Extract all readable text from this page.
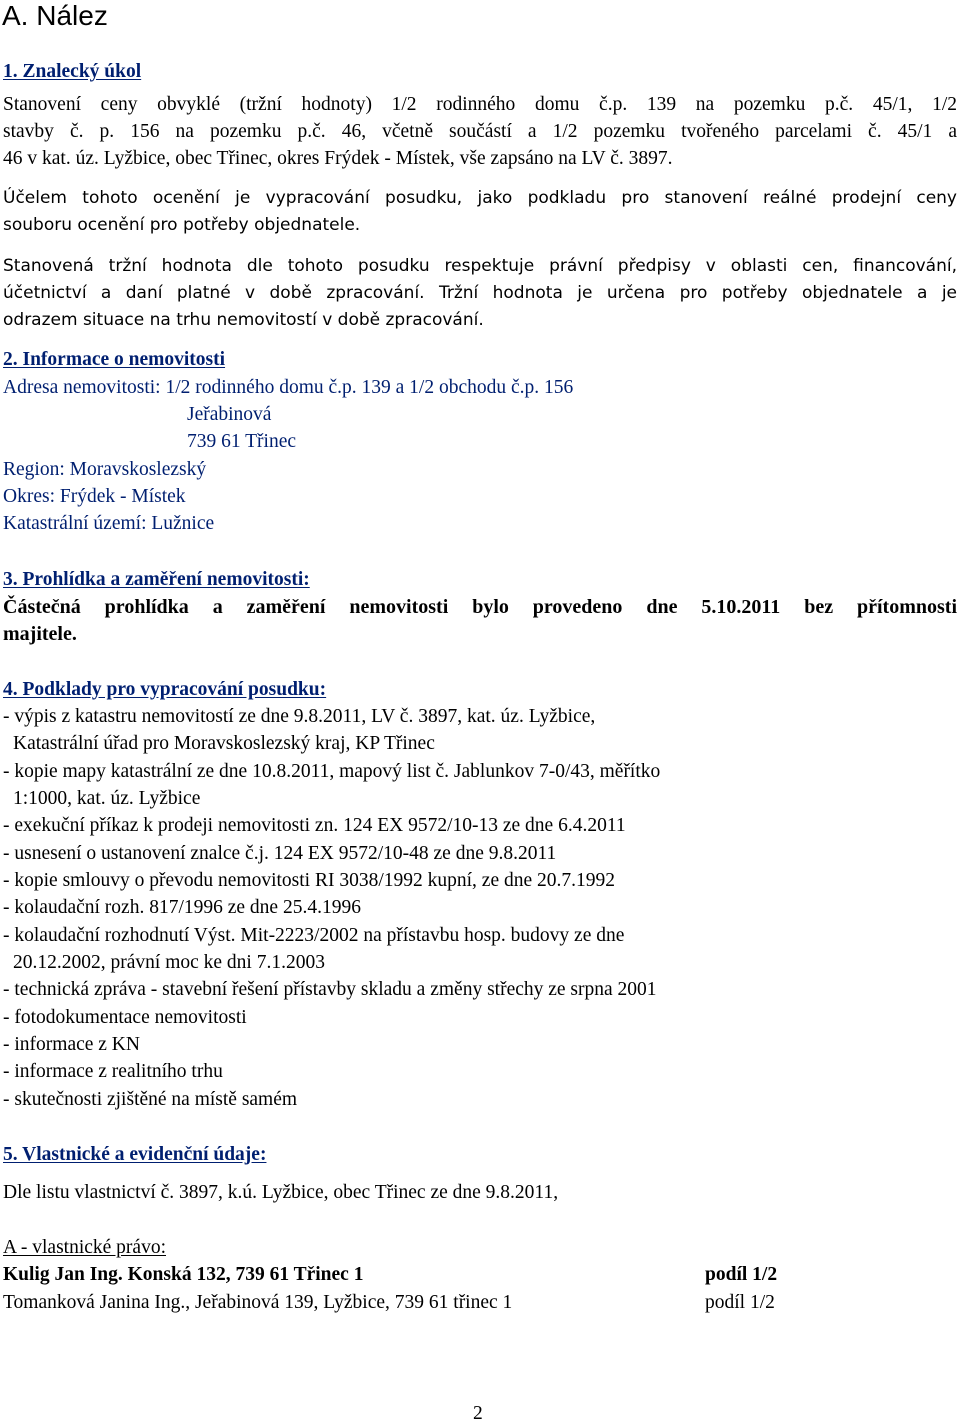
A. Nález
1. Znalecký úkol
Stanovení ceny obvyklé (tržní hodnoty) 1/2 rodinného domu č.p. 139 na pozemku p.č. 45/1, 1/2
stavby č. p. 156 na pozemku p.č. 46, včetně součástí a 1/2 pozemku tvořeného parcelami č. 45/1 a
46 v kat. úz. Lyžbice, obec Třinec, okres Frýdek - Místek, vše zapsáno na LV č. 3897.
Účelem tohoto ocenění je vypracování posudku, jako podkladu pro stanovení reálné prodejní ceny
souboru ocenění pro potřeby objednatele.
Stanovená tržní hodnota dle tohoto posudku respektuje právní předpisy v oblasti cen, financování,
účetnictví a daní platné v době zpracování. Tržní hodnota je určena pro potřeby objednatele a je
odrazem situace na trhu nemovitostí v době zpracování.
2. Informace o nemovitosti
Adresa nemovitosti: 1/2 rodinného domu č.p. 139 a 1/2 obchodu č.p. 156
Jeřabinová
739 61 Třinec
Region: Moravskoslezský
Okres: Frýdek - Místek
Katastrální území: Lužnice
3. Prohlídka a zaměření nemovitosti:
Částečná prohlídka a zaměření nemovitosti bylo provedeno dne 5.10.2011 bez přítomnosti
majitele.
4. Podklady pro vypracování posudku:
- výpis z katastru nemovitostí ze dne 9.8.2011, LV č. 3897, kat. úz. Lyžbice,
Katastrální úřad pro Moravskoslezský kraj, KP Třinec
- kopie mapy katastrální ze dne 10.8.2011, mapový list č. Jablunkov 7-0/43, měřítko
1:1000, kat. úz. Lyžbice
- exekuční příkaz k prodeji nemovitosti zn. 124 EX 9572/10-13 ze dne 6.4.2011
- usnesení o ustanovení znalce č.j. 124 EX 9572/10-48 ze dne 9.8.2011
- kopie smlouvy o převodu nemovitosti RI 3038/1992 kupní, ze dne 20.7.1992
- kolaudační rozh. 817/1996 ze dne 25.4.1996
- kolaudační rozhodnutí Výst. Mit-2223/2002 na přístavbu hosp. budovy ze dne
20.12.2002, právní moc ke dni 7.1.2003
- technická zpráva - stavební řešení přístavby skladu a změny střechy ze srpna 2001
- fotodokumentace nemovitosti
- informace z KN
- informace z realitního trhu
- skutečnosti zjištěné na místě samém
5. Vlastnické a evidenční údaje:
Dle listu vlastnictví č. 3897, k.ú. Lyžbice, obec Třinec ze dne 9.8.2011,
A - vlastnické právo:
Kulig Jan Ing. Konská 132, 739 61 Třinec 1	podíl 1/2
Tomanková Janina Ing., Jeřabinová 139, Lyžbice, 739 61 třinec 1	podíl 1/2
2
